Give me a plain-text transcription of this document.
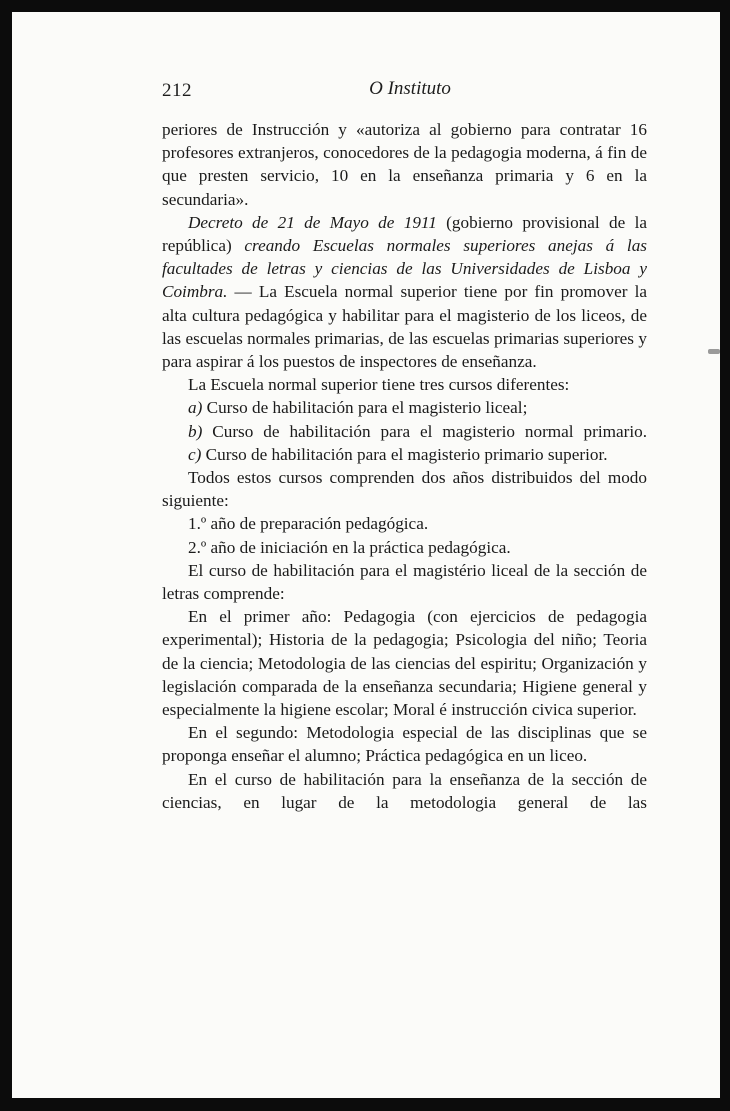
212	O Instituto

periores de Instrucción y «autoriza al gobierno para contratar 16 profesores extranjeros, conocedores de la pedagogia moderna, á fin de que presten servicio, 10 en la enseñanza primaria y 6 en la secundaria».

Decreto de 21 de Mayo de 1911 (gobierno provisional de la república) creando Escuelas normales superiores anejas á las facultades de letras y ciencias de las Universidades de Lisboa y Coimbra. — La Escuela normal superior tiene por fin promover la alta cultura pedagógica y habilitar para el magisterio de los liceos, de las escuelas normales primarias, de las escuelas primarias superiores y para aspirar á los puestos de inspectores de enseñanza.

La Escuela normal superior tiene tres cursos diferentes:

a) Curso de habilitación para el magisterio liceal;

b) Curso de habilitación para el magisterio normal primario.

c) Curso de habilitación para el magisterio primario superior.

Todos estos cursos comprenden dos años distribuidos del modo siguiente:

1.º año de preparación pedagógica.

2.º año de iniciación en la práctica pedagógica.

El curso de habilitación para el magistério liceal de la sección de letras comprende:

En el primer año: Pedagogia (con ejercicios de pedagogia experimental); Historia de la pedagogia; Psicologia del niño; Teoria de la ciencia; Metodologia de las ciencias del espiritu; Organización y legislación comparada de la enseñanza secundaria; Higiene general y especialmente la higiene escolar; Moral é instrucción civica superior.

En el segundo: Metodologia especial de las disciplinas que se proponga enseñar el alumno; Práctica pedagógica en un liceo.

En el curso de habilitación para la enseñanza de la sección de ciencias, en lugar de la metodologia general de las
